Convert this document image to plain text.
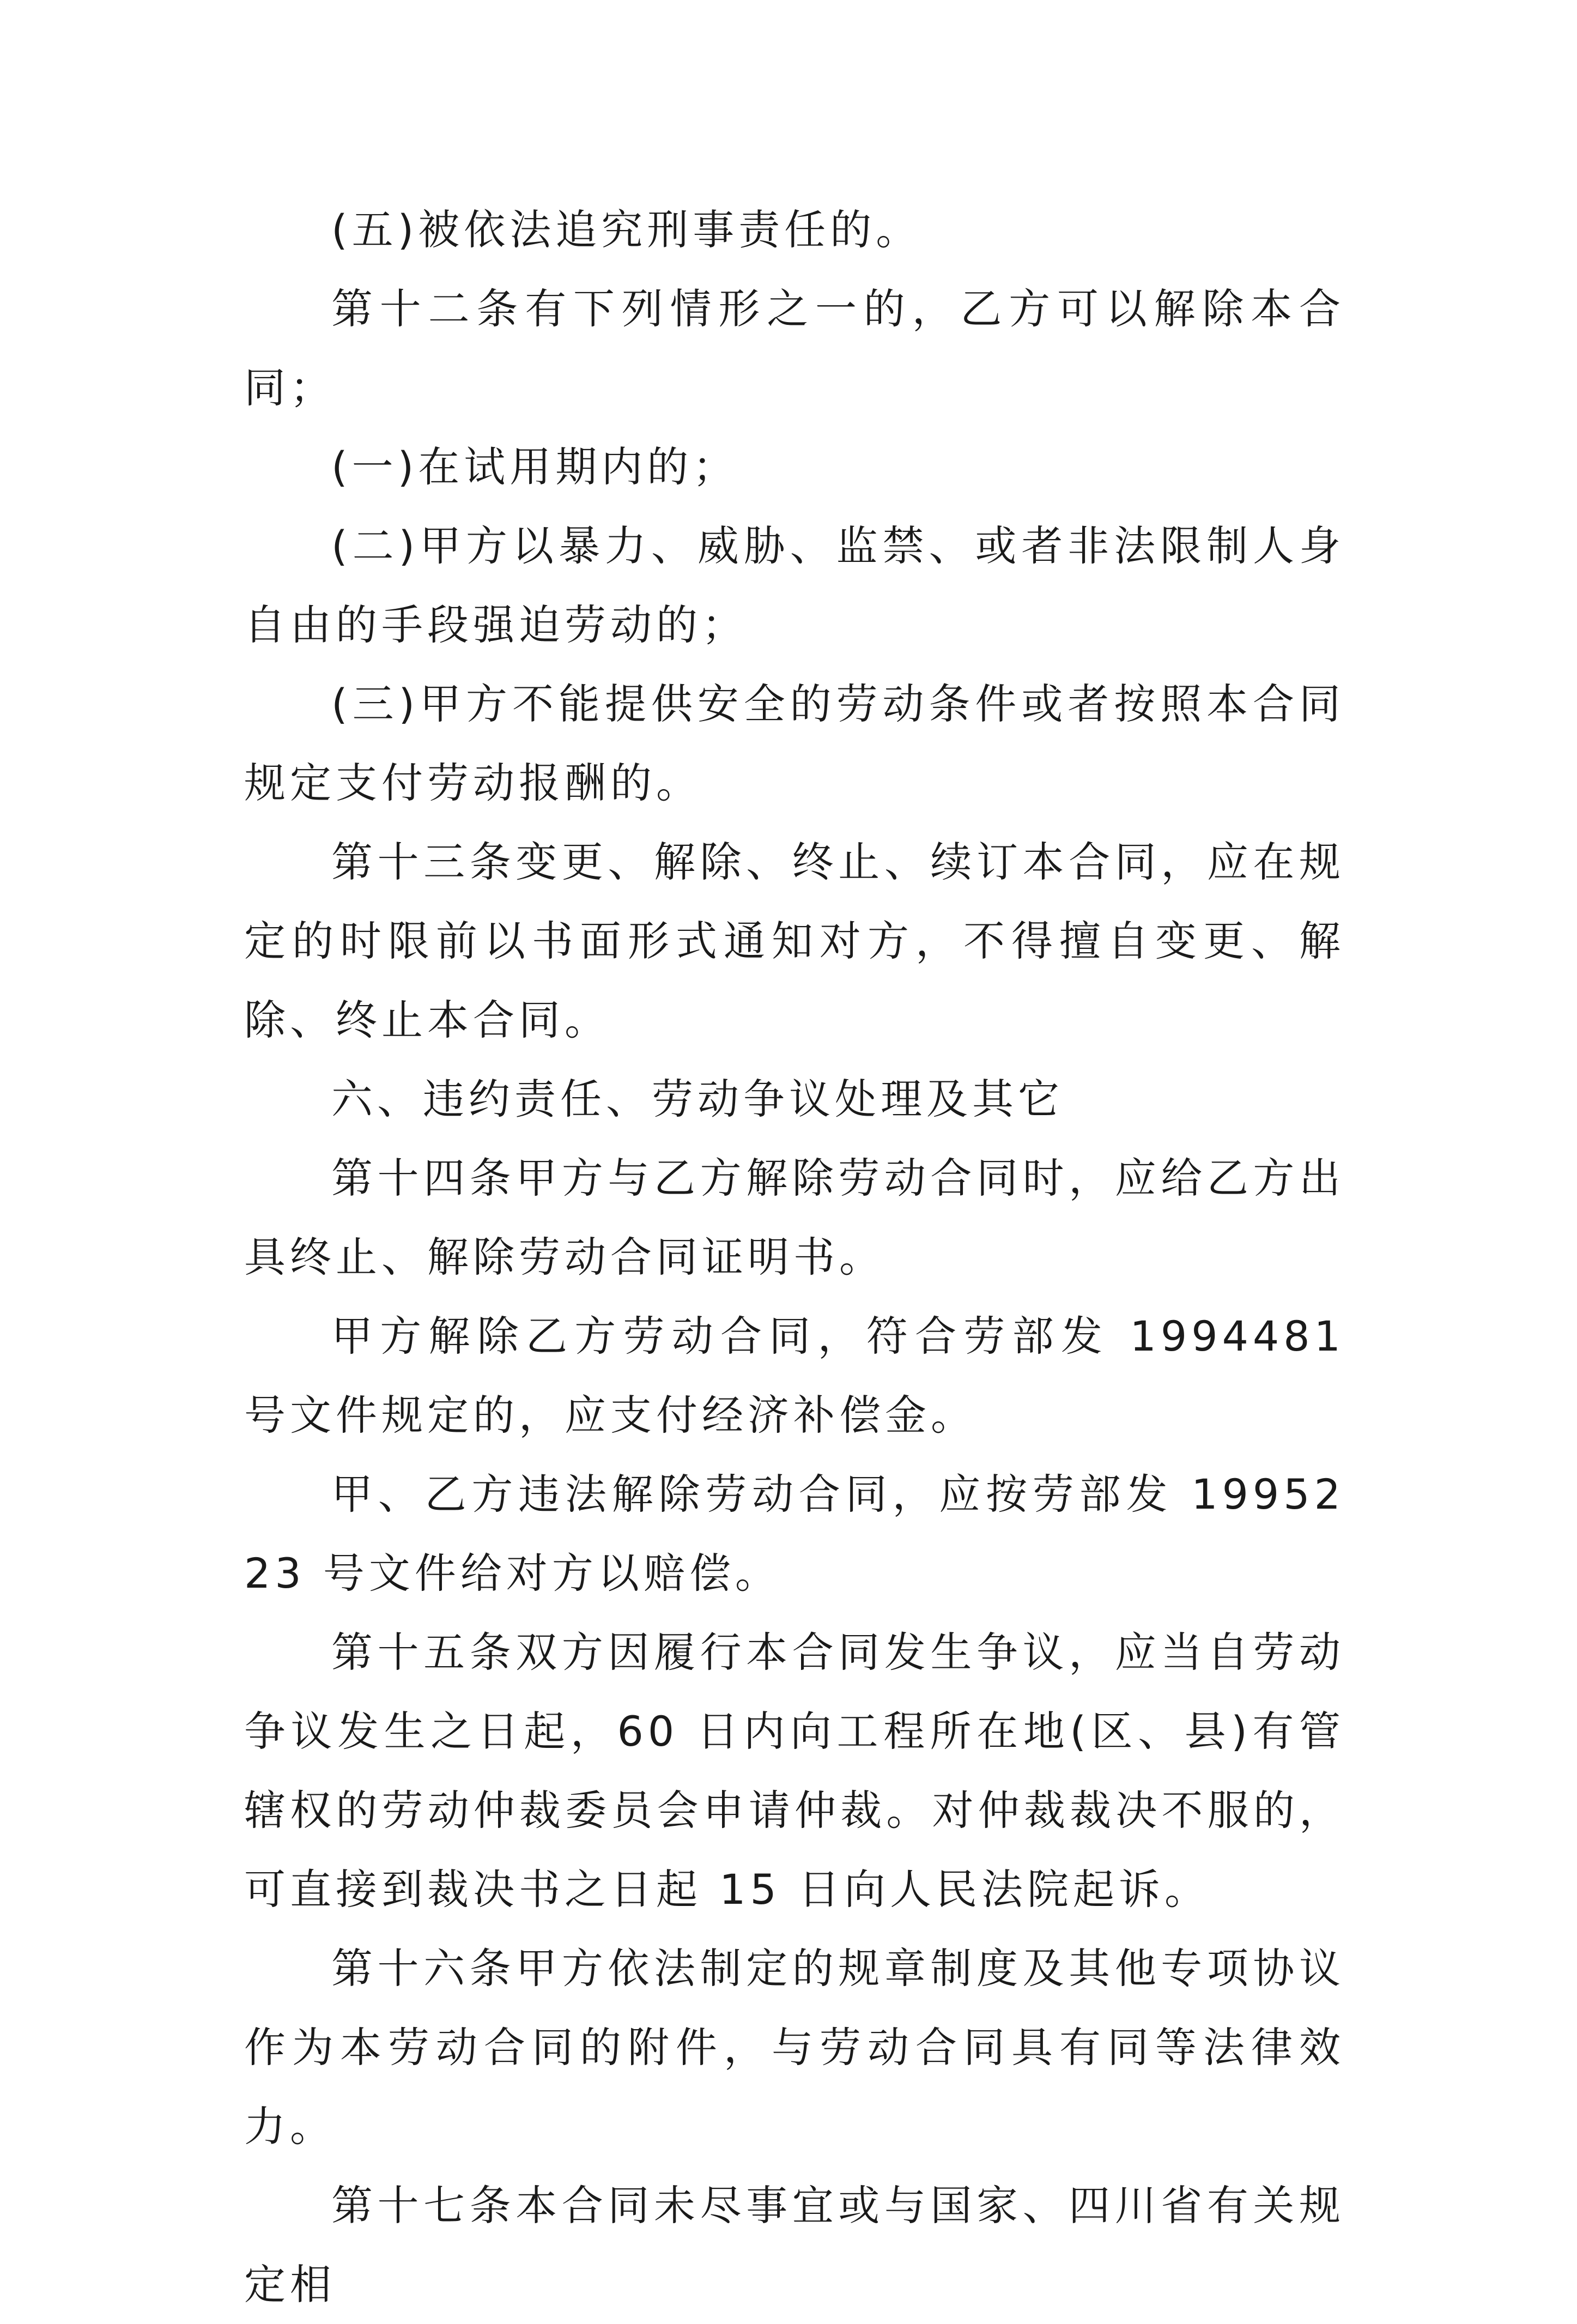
(五)被依法追究刑事责任的。

第十二条有下列情形之一的，乙方可以解除本合同；

(一)在试用期内的；

(二)甲方以暴力、威胁、监禁、或者非法限制人身自由的手段强迫劳动的；

(三)甲方不能提供安全的劳动条件或者按照本合同规定支付劳动报酬的。

第十三条变更、解除、终止、续订本合同，应在规定的时限前以书面形式通知对方，不得擅自变更、解除、终止本合同。

六、违约责任、劳动争议处理及其它

第十四条甲方与乙方解除劳动合同时，应给乙方出具终止、解除劳动合同证明书。

甲方解除乙方劳动合同，符合劳部发 1994481 号文件规定的，应支付经济补偿金。

甲、乙方违法解除劳动合同，应按劳部发 1995223 号文件给对方以赔偿。

第十五条双方因履行本合同发生争议，应当自劳动争议发生之日起，60 日内向工程所在地(区、县)有管辖权的劳动仲裁委员会申请仲裁。对仲裁裁决不服的，可直接到裁决书之日起 15 日向人民法院起诉。

第十六条甲方依法制定的规章制度及其他专项协议作为本劳动合同的附件，与劳动合同具有同等法律效力。

第十七条本合同未尽事宜或与国家、四川省有关规定相
